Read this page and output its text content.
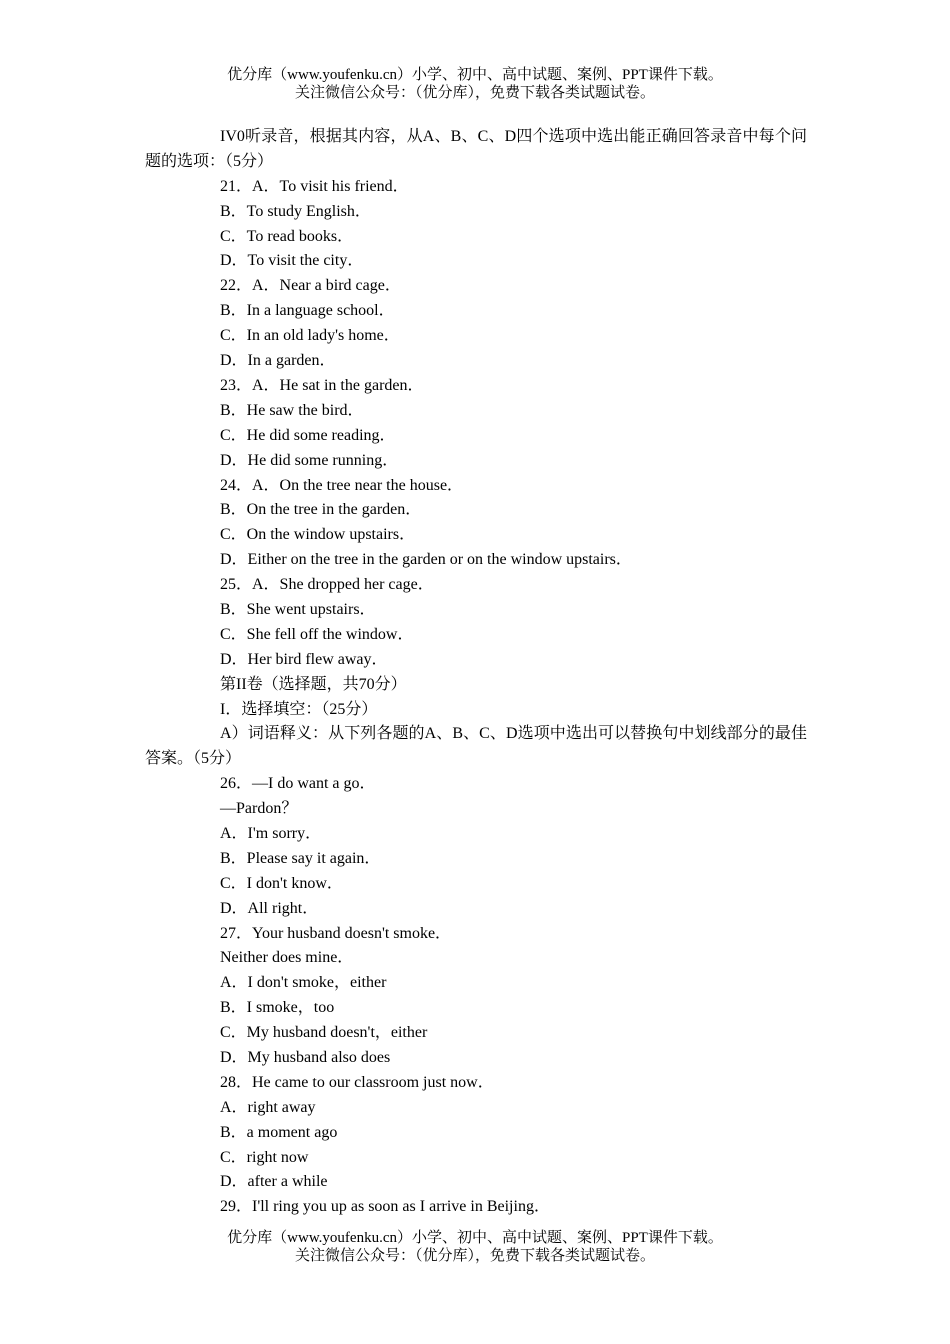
优分库（www.youfenku.cn）小学、初中、高中试题、案例、PPT课件下载。
关注微信公众号：（优分库），免费下载各类试题试卷。
IV0听录音，根据其内容，从A、B、C、D四个选项中选出能正确回答录音中每个问题的选项：（5分）
21．A．To visit his friend．
B．To study English．
C．To read books．
D．To visit the city．
22．A．Near a bird cage．
B．In a language school．
C．In an old lady's home．
D．In a garden．
23．A．He sat in the garden．
B．He saw the bird．
C．He did some reading．
D．He did some running．
24．A．On the tree near the house．
B．On the tree in the garden．
C．On the window upstairs．
D．Either on the tree in the garden or on the window upstairs．
25．A．She dropped her cage．
B．She went upstairs．
C．She fell off the window．
D．Her bird flew away．
第II卷（选择题，共70分）
I．选择填空：（25分）
A）词语释义：从下列各题的A、B、C、D选项中选出可以替换句中划线部分的最佳答案。（5分）
26．—I do want a go．
—Pardon？
A．I'm sorry．
B．Please say it again．
C．I don't know．
D．All right．
27．Your husband doesn't smoke．
Neither does mine．
A．I don't smoke，either
B．I smoke，too
C．My husband doesn't，either
D．My husband also does
28．He came to our classroom just now．
A．right away
B．a moment ago
C．right now
D．after a while
29．I'll ring you up as soon as I arrive in Beijing．
优分库（www.youfenku.cn）小学、初中、高中试题、案例、PPT课件下载。
关注微信公众号：（优分库），免费下载各类试题试卷。
